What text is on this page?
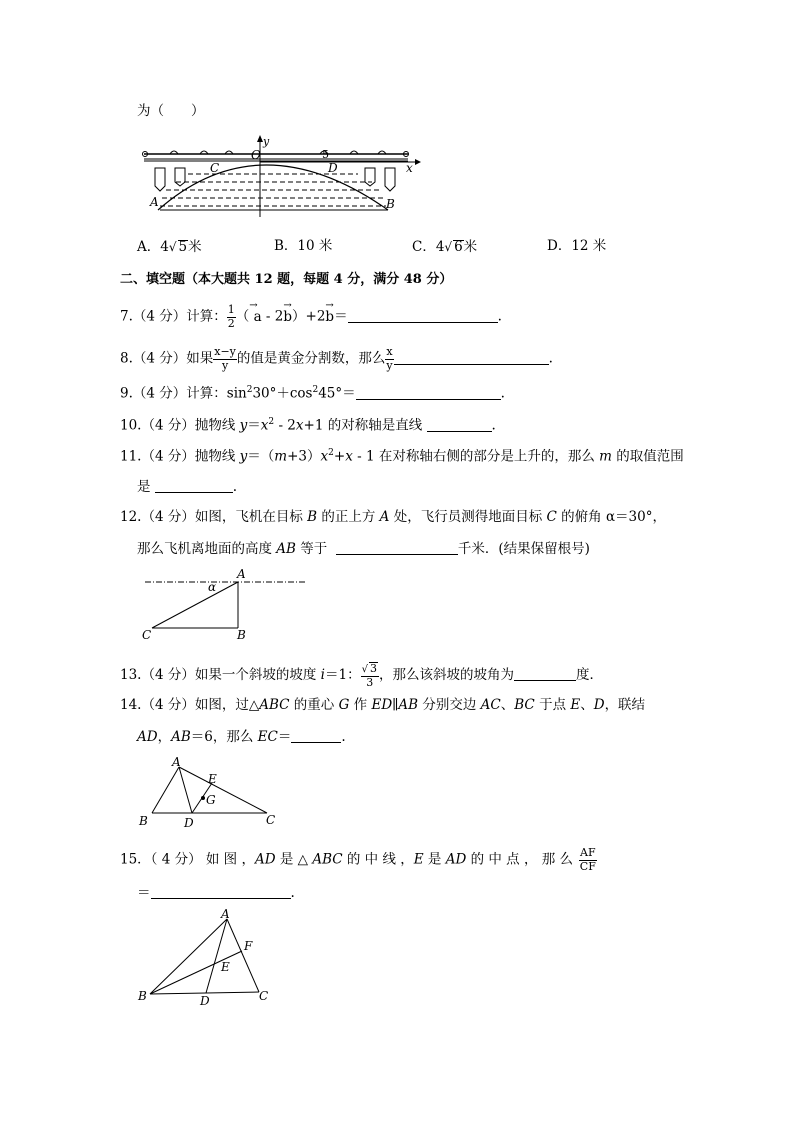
为（　　）
O
y
x
5
C	D
A	B
A．4√ 5米	B．10 米	C．4√ 6米	D．12 米
二、填空题（本大题共 12 题，每题 4 分，满分 48 分）
7.（4 分）计算： $\frac{1}{2}$ （ a
→
- 2b
→
）+2b
→
＝	.
8.（4 分）如果 $\frac{x-y}{y}$ 的值是黄金分割数，那么 $\frac{x}{y}$	.
9.（4 分）计算：$\sin^230^\circ+\cos^245^\circ=$	.
10.（4 分）抛物线 $y=x^2 - 2x+1$ 的对称轴是直线	.
11.（4 分）抛物线 $y=(m+3)x^2+x - 1$ 在对称轴右侧的部分是上升的，那么 m 的取值范围
是	.
12.（4 分）如图，飞机在目标 B 的正上方 A 处，飞行员测得地面目标 C 的俯角 α＝30°，
那么飞机离地面的高度 AB 等于	千米．(结果保留根号)
A
α
C	B
13.（4 分）如果一个斜坡的坡度 i＝1： $\frac{√ 3}{3}$ ，那么该斜坡的坡角为	度．
14.（4 分）如图，过△ABC 的重心 G 作 ED∥AB 分别交边 AC、BC 于点 E、D，联结
AD，AB＝6，那么 EC＝	.
A
E
G
B	D	C
15．（ 4 分） 如 图 ，AD 是 △ ABC 的 中 线 ，E 是 AD 的 中 点 ， 那 么 $\frac{AF}{CF}$
＝	.
A
F
E
B	D	C
